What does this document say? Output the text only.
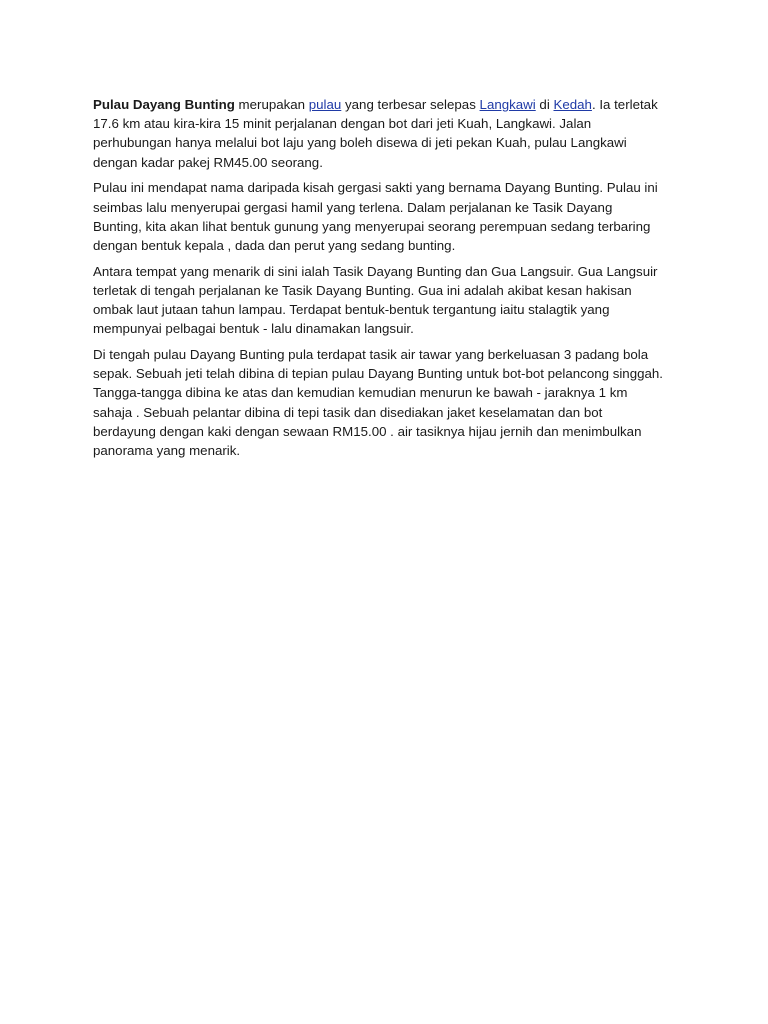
Pulau Dayang Bunting merupakan pulau yang terbesar selepas Langkawi di Kedah. Ia terletak
17.6 km atau kira-kira 15 minit perjalanan dengan bot dari jeti Kuah, Langkawi. Jalan
perhubungan hanya melalui bot laju yang boleh disewa di jeti pekan Kuah, pulau Langkawi
dengan kadar pakej RM45.00 seorang.

Pulau ini mendapat nama daripada kisah gergasi sakti yang bernama Dayang Bunting. Pulau ini
seimbas lalu menyerupai gergasi hamil yang terlena. Dalam perjalanan ke Tasik Dayang
Bunting, kita akan lihat bentuk gunung yang menyerupai seorang perempuan sedang terbaring
dengan bentuk kepala , dada dan perut yang sedang bunting.

Antara tempat yang menarik di sini ialah Tasik Dayang Bunting dan Gua Langsuir. Gua Langsuir
terletak di tengah perjalanan ke Tasik Dayang Bunting. Gua ini adalah akibat kesan hakisan
ombak laut jutaan tahun lampau. Terdapat bentuk-bentuk tergantung iaitu stalagtik yang
mempunyai pelbagai bentuk - lalu dinamakan langsuir.

Di tengah pulau Dayang Bunting pula terdapat tasik air tawar yang berkeluasan 3 padang bola
sepak. Sebuah jeti telah dibina di tepian pulau Dayang Bunting untuk bot-bot pelancong singgah.
Tangga-tangga dibina ke atas dan kemudian kemudian menurun ke bawah - jaraknya 1 km
sahaja . Sebuah pelantar dibina di tepi tasik dan disediakan jaket keselamatan dan bot
berdayung dengan kaki dengan sewaan RM15.00 . air tasiknya hijau jernih dan menimbulkan
panorama yang menarik.
